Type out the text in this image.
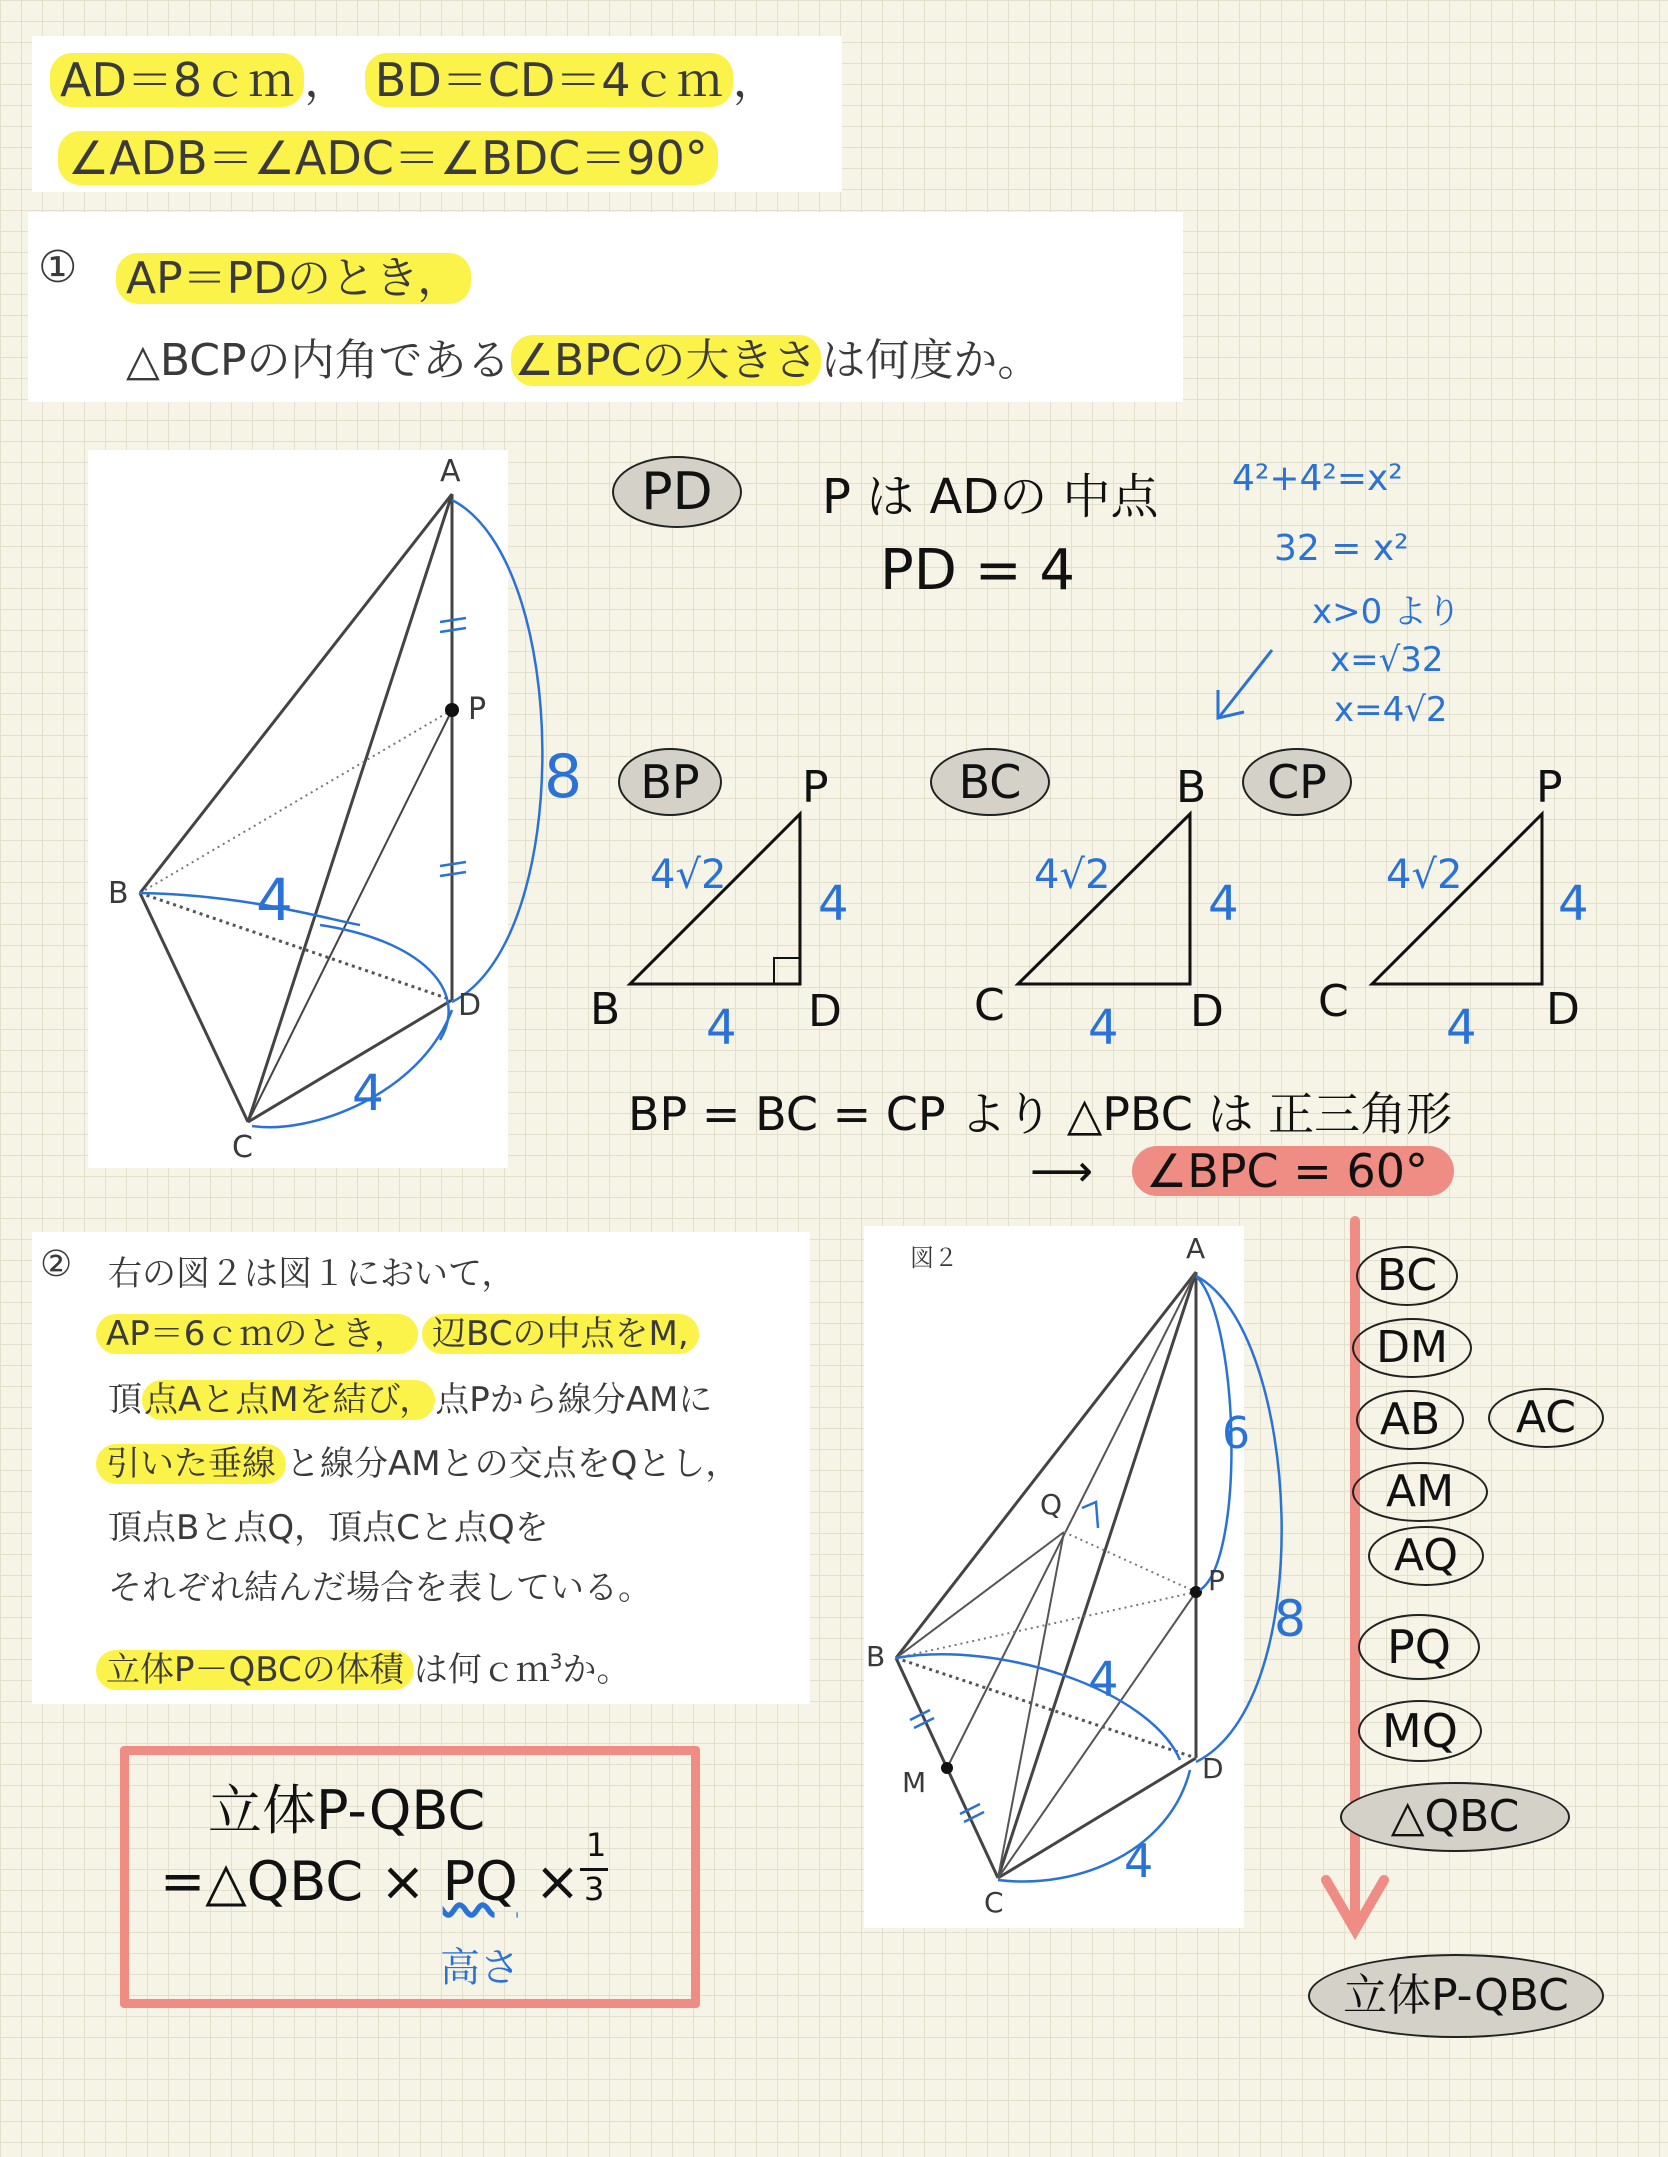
AD＝8ｃｍ ， BD＝CD＝4ｃｍ ，
∠ADB＝∠ADC＝∠BDC＝90°
① AP＝PDのとき，
△BCPの内角である∠BPCの大きさは何度か。
A
P
B
D
C
8
4
4
PD	P は ADの 中点
PD = 4
4²+4²=x²
32 = x²
x>0 より
x=√32
x=4√2
BP	BC	CP
P
B	D
4√2
4
4
B
C	D
4√2
4
4
P
C	D
4√2
4
4
BP = BC = CP より △PBC は 正三角形
⟶	∠BPC = 60°
② 右の図２は図１において，
AP＝6ｃｍのとき， 辺BCの中点をM,
頂点Aと点Mを結び，点Pから線分AMに
引いた垂線 と線分AMとの交点をQとし，
頂点Bと点Q，頂点Cと点Qを
それぞれ結んだ場合を表している。
立体P－QBCの体積 は何ｃｍ$^3$か。
図２	A
Q
P
B
M	D
C
6
8
4
4
立体P-QBC
=△QBC × PQ ×
1
3
高さ
BC
DM
AB	AC
AM
AQ
PQ
MQ
△QBC
立体P-QBC
